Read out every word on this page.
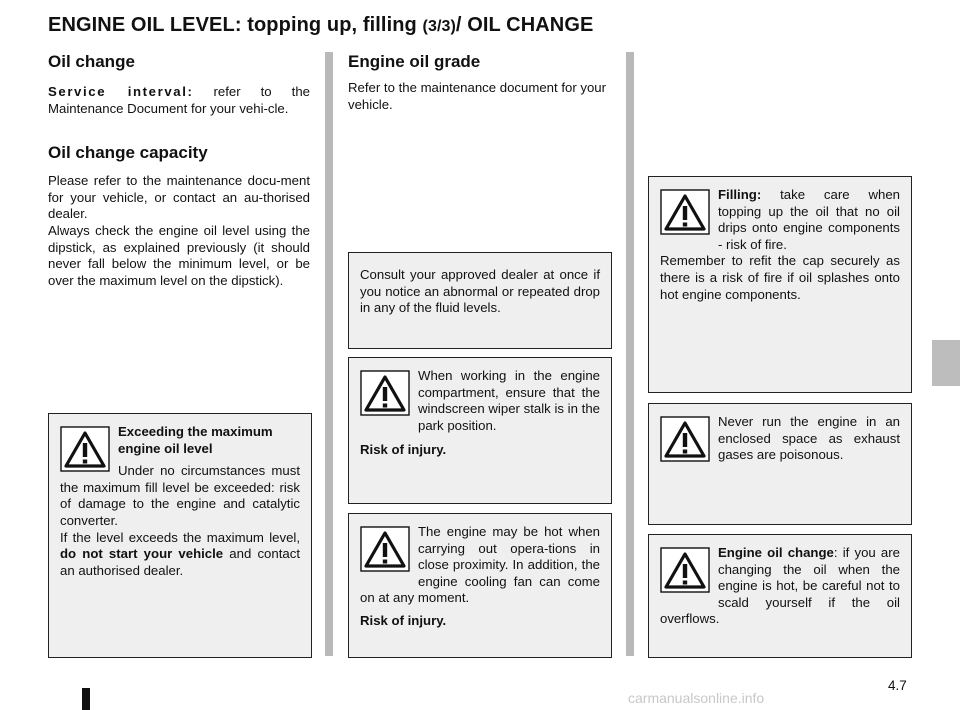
ENGINE OIL LEVEL: topping up, filling (3/3)/ OIL CHANGE
Oil change

Service interval: refer to the Maintenance Document for your vehi-cle.

Oil change capacity

Please refer to the maintenance docu-ment for your vehicle, or contact an au-thorised dealer.

Always check the engine oil level using the dipstick, as explained previously (it should never fall below the minimum level, or be over the maximum level on the dipstick).

Engine oil grade

Refer to the maintenance document for your vehicle.

Exceeding the maximum engine oil level

Under no circumstances must the maximum fill level be exceeded: risk of damage to the engine and catalytic converter.

If the level exceeds the maximum level, do not start your vehicle and contact an authorised dealer.

Consult your approved dealer at once if you notice an abnormal or repeated drop in any of the fluid levels.

When working in the engine compartment, ensure that the windscreen wiper stalk is in the park position.

Risk of injury.

The engine may be hot when carrying out opera-tions in close proximity. In addition, the engine cooling fan can come on at any moment.

Risk of injury.

Filling: take care when topping up the oil that no oil drips onto engine components - risk of fire.

Remember to refit the cap securely as there is a risk of fire if oil splashes onto hot engine components.

Never run the engine in an enclosed space as exhaust gases are poisonous.

Engine oil change: if you are changing the oil when the engine is hot, be careful not to scald yourself if the oil overflows.

4.7
carmanualsonline.info
